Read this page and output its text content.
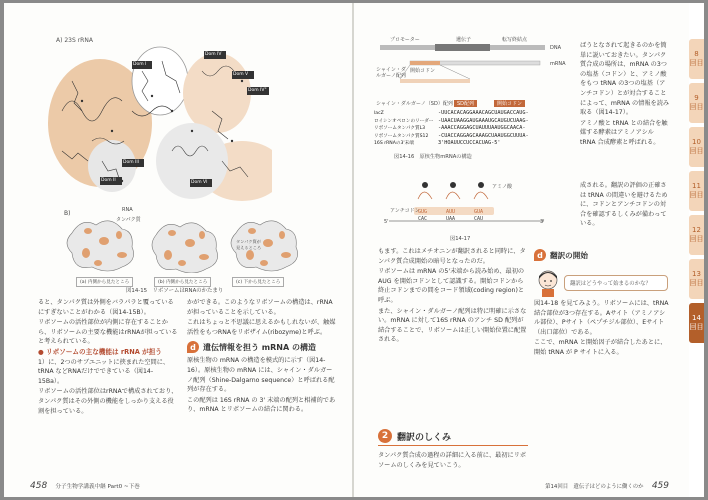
A) 23S rRNA
Dom I
Dom II
Dom III
Dom IV
Dom V
Dom VI
Dom IV"
B)	RNA
タンパク質
タンパク質が
見えるところ
(a) 内側から見たところ	(b) 内側から見たところ	(c) 下から見たところ
図14-15　リボソームはRNAのかたまり

ると、タンパク質は外側をバラパラと覆っているにすぎないことがわかる（図14-15B）。

リボソームの活性部位が内側に存在することから、リボソームの主要な機能はrRNAが担っていると考えられている。

● リボソームの主な機能は rRNA が担う

1）に、2つのサブユニットに挟まれた空間に、tRNA などRNAだけでできている（図14-15Ba）。

リボソームの活性部位はrRNAで構成されており、タンパク質はその外側の機能をしっかり支える役割を担っている。

かができる。このようなリボソームの構造は、rRNA が担っていることを示している。

これはちょっと不思議に思えるかもしれないが、触媒活性をもつRNAをリボザイム(ribozyme)と呼ぶ。

d 遺伝情報を担う mRNA の構造

原核生物の mRNA の構造を模式的に示す（図14-16）。原核生物の mRNA には、シャイン・ダルガーノ配列（Shine-Dalgarno sequence）と呼ばれる配列が存在する。

この配列は 16S rRNA の 3' 末端の配列と相補的であり、mRNA とリボソームの結合に関わる。

458 分子生物学講義中継 Part0 ~下巻
プロモーター	遺伝子	転写終結点
DNA
mRNA
シャイン・ダルガーノ配列
開始コドン
シャイン・ダルガーノ（SD）配列 SD配列	開始コドン
lacZ	-UUCACACAGGAAACAGCUAUGACCAUG-
ロイシンオペロンのリーダー -UAACUAAGGAUGAAAUGCAUGUCUAAG-
リボソームタンパク質L3	-AAACCAGGAGCUAUUUAAUGGCAACA-
リボソームタンパク質S12	-CUACCAGGAGCAAAGCUAAUGGCUUUA-
16S rRNAの3'末端	3'HOAUUCCUCCACUAG-5'
図14-16　原核生物mRNAの構造
アンチコドン
アミノ酸
GUG	AUU	GUA
CAC	UAA	CAU
5'	3'
図14-17

ばうとなされて起きるのかを簡単に説いておきたい。タンパク質合成の場所は、mRNA の3つの塩基（コドン）と、アミノ酸をもつ tRNA の3つの塩基（アンチコドン）とが対合することによって、mRNA の情報を読み取る（図14-17）。

アミノ酸と tRNA との結合を触媒する酵素はアミノアシル tRNA 合成酵素と呼ばれる。

成される。翻訳の評価の正確さは tRNA の間違いを避けるために、コドンとアンチコドンの対合を確認するしくみが備わっている。

もます。これはメチオニンが翻訳されると同時に、タンパク質合成開始の暗号となったのだ。

リボソームは mRNA の5'末端から読み始め、最初の AUG を開始コドンとして認識する。開始コドンから終止コドンまでの間をコード領域(coding region)と呼ぶ。

また、シャイン・ダルガーノ配列は特に明確に示さない。mRNA に対して16S rRNA のアンチ SD 配列が結合することで、リボソームは正しい開始位置に配置される。

d 翻訳の開始
翻訳はどうやって始まるのかな？

図14-18 を見てみよう。リボソームには、tRNA 結合部位が3つ存在する。Aサイト（アミノアシル部位）、Pサイト（ペプチジル部位）、Eサイト（出口部位）である。

ここで、mRNA と開始因子が結合したあとに、開始 tRNA が P サイトに入る。

2 翻訳のしくみ
タンパク質合成の過程の詳細に入る前に、最初にリボソームのしくみを見ていこう。
第14回目　遺伝子はどのように働くのか 459
8
回目
9
回目
10
回目
11
回目
12
回目
13
回目
14
回目
